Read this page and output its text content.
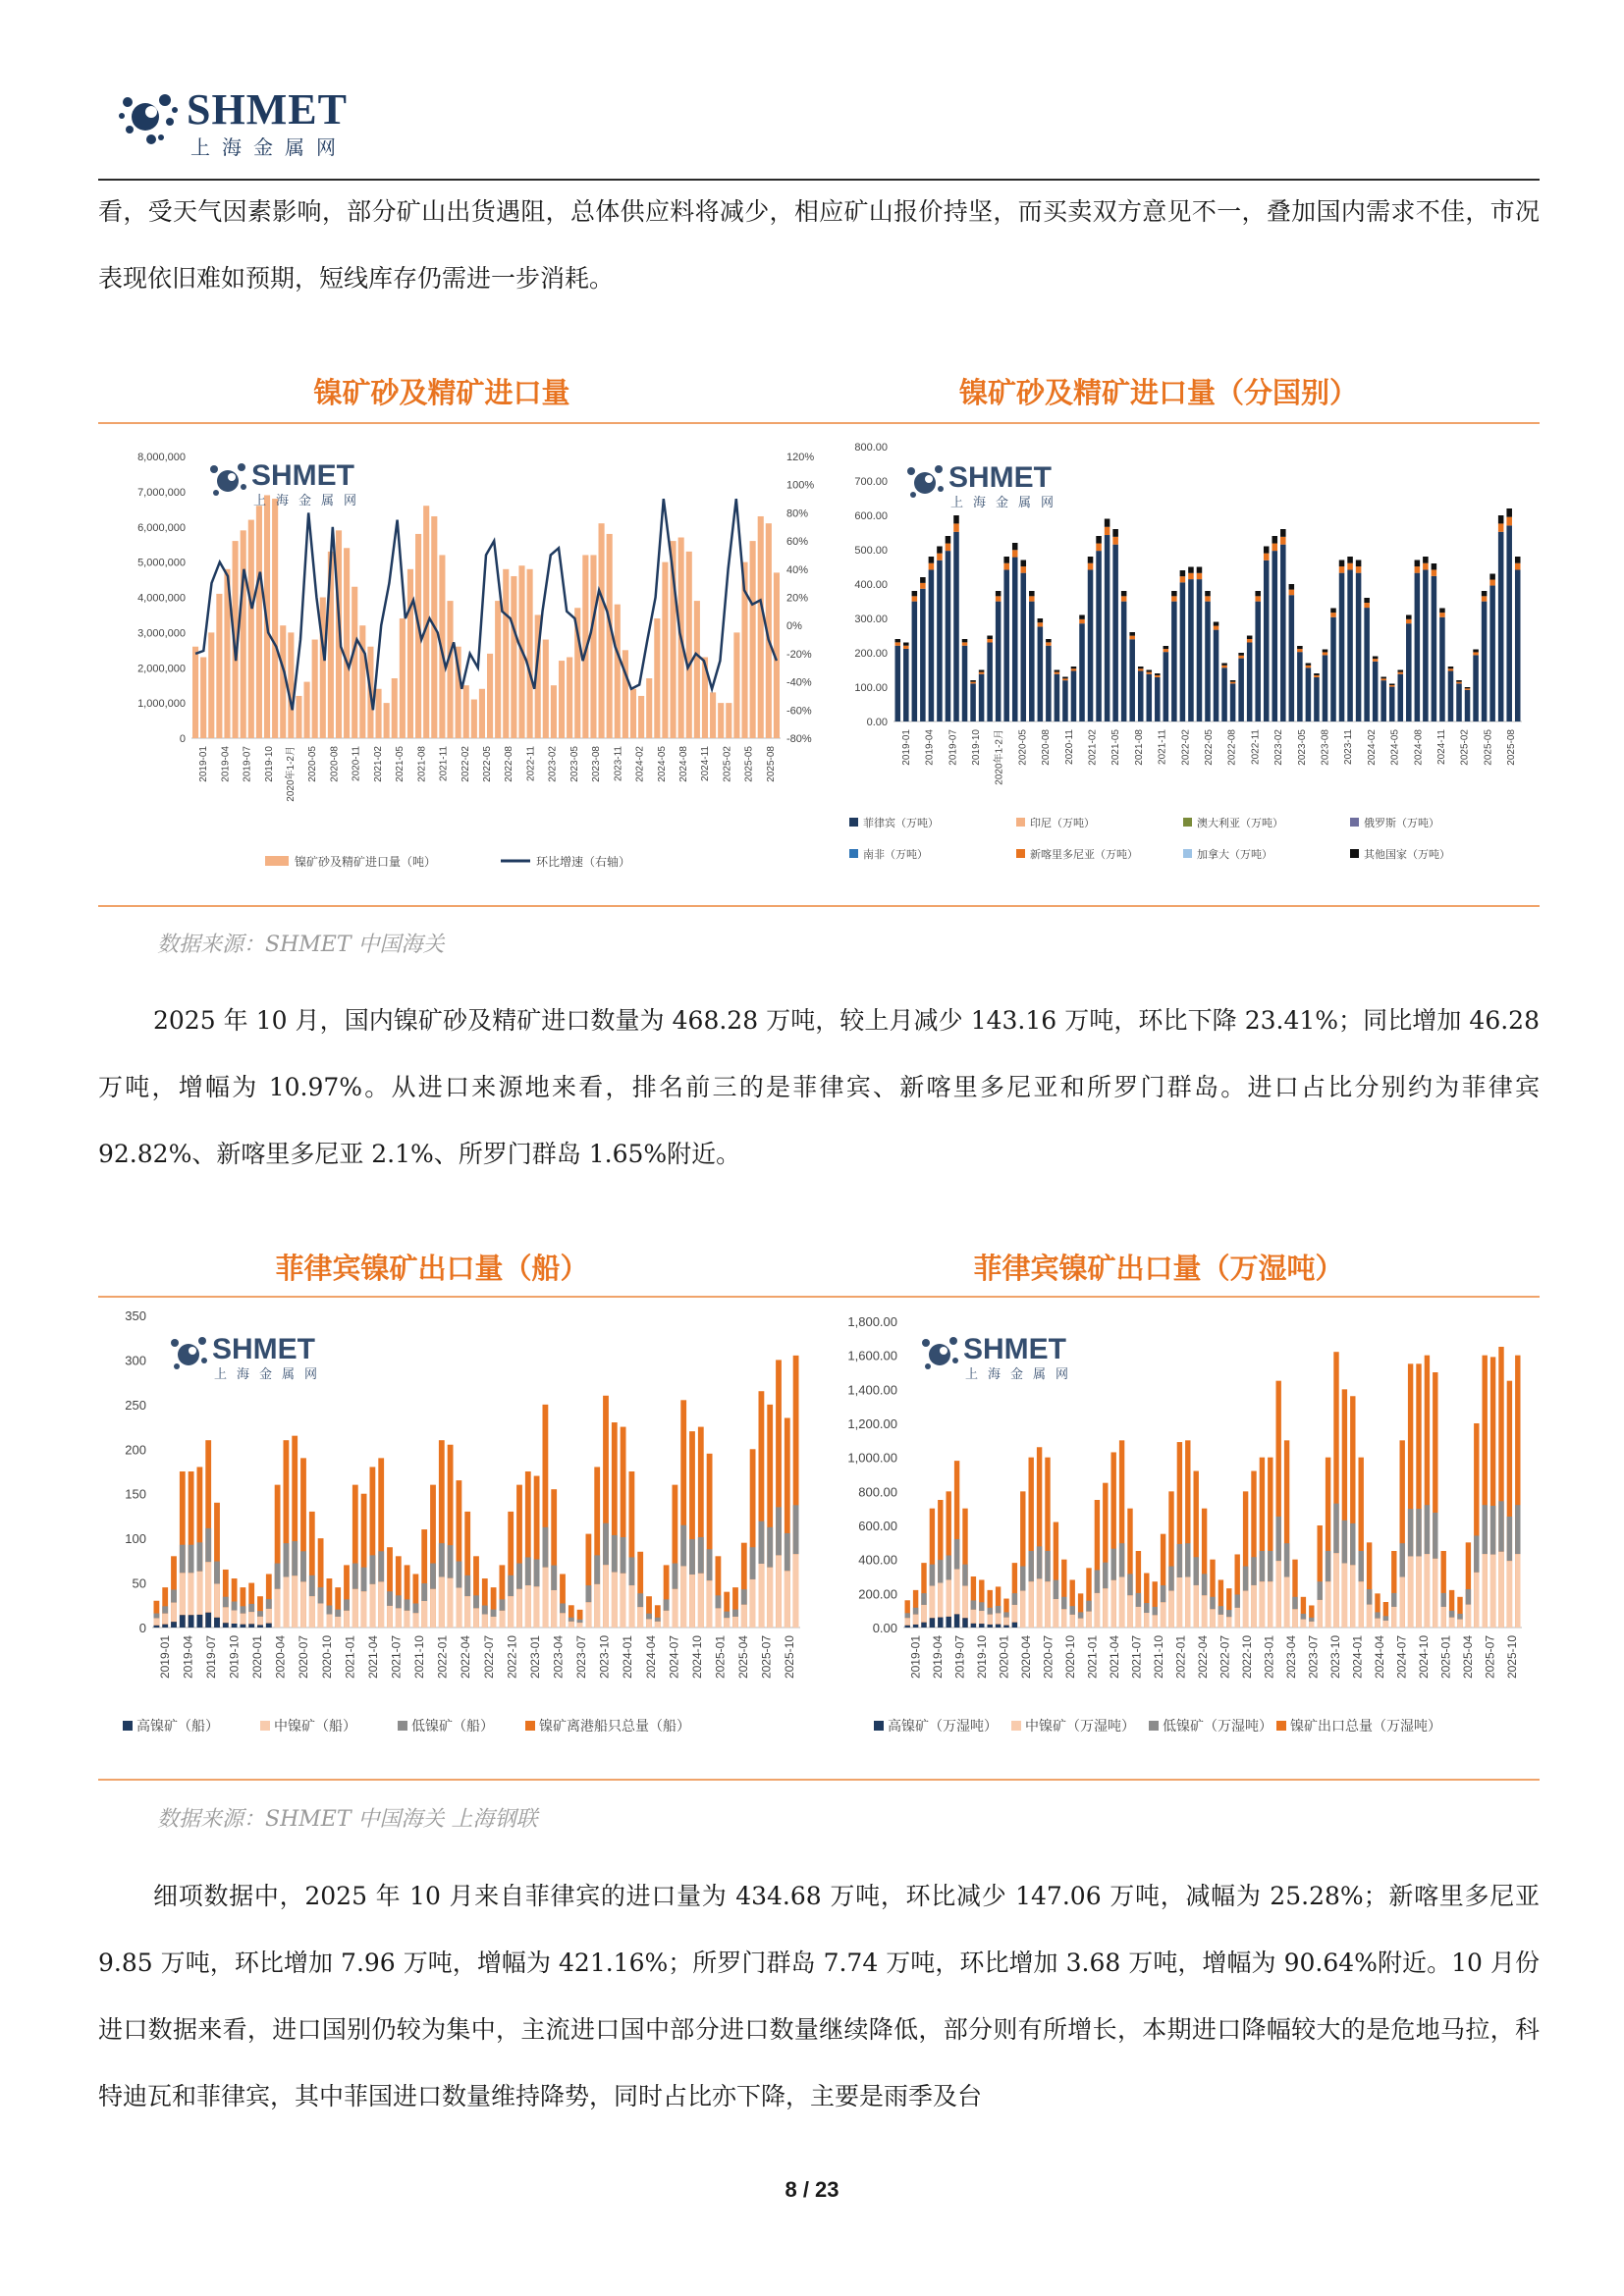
SHMET
上海金属网
看，受天气因素影响，部分矿山出货遇阻，总体供应料将减少，相应矿山报价持坚，而买卖双方意见不一，叠加国内需求不佳，市况表现依旧难如预期，短线库存仍需进一步消耗。
镍矿砂及精矿进口量	镍矿砂及精矿进口量（分国别）
8,000,000
7,000,000
6,000,000
5,000,000
4,000,000
3,000,000
2,000,000
1,000,000
0
120%
100%
80%
60%
40%
20%
0%
-20%
-40%
-60%
-80%
2019-01 2019-04 2019-07 2019-10 2020年1-2月 2020-05 2020-08 2020-11 2021-02 2021-05 2021-08 2021-11 2022-02 2022-05 2022-08 2022-11 2023-02 2023-05 2023-08 2023-11 2024-02 2024-05 2024-08 2024-11 2025-02 2025-05 2025-08
SHMET
上海金属网
镍矿砂及精矿进口量（吨）	环比增速（右轴）
800.00
700.00
600.00
500.00
400.00
300.00
200.00
100.00
0.00
2019-01 2019-04 2019-07 2019-10 2020年1-2月 2020-05 2020-08 2020-11 2021-02 2021-05 2021-08 2021-11 2022-02 2022-05 2022-08 2022-11 2023-02 2023-05 2023-08 2023-11 2024-02 2024-05 2024-08 2024-11 2025-02 2025-05 2025-08
SHMET
上海金属网
菲律宾（万吨）	印尼（万吨）	澳大利亚（万吨）	俄罗斯（万吨）
南非（万吨）	新喀里多尼亚（万吨）	加拿大（万吨）	其他国家（万吨）
数据来源：SHMET 中国海关
2025 年 10 月，国内镍矿砂及精矿进口数量为 468.28 万吨，较上月减少 143.16 万吨，环比下降 23.41%；同比增加 46.28 万吨，增幅为 10.97%。从进口来源地来看，排名前三的是菲律宾、新喀里多尼亚和所罗门群岛。进口占比分别约为菲律宾 92.82%、新喀里多尼亚 2.1%、所罗门群岛 1.65%附近。
菲律宾镍矿出口量（船）	菲律宾镍矿出口量（万湿吨）
350
300
250
200
150
100
50
0
2019-01 2019-04 2019-07 2019-10 2020-01 2020-04 2020-07 2020-10 2021-01 2021-04 2021-07 2021-10 2022-01 2022-04 2022-07 2022-10 2023-01 2023-04 2023-07 2023-10 2024-01 2024-04 2024-07 2024-10 2025-01 2025-04 2025-07 2025-10
SHMET
上海金属网
高镍矿（船）	中镍矿（船）	低镍矿（船）	镍矿离港船只总量（船）
1,800.00
1,600.00
1,400.00
1,200.00
1,000.00
800.00
600.00
400.00
200.00
0.00
2019-01 2019-04 2019-07 2019-10 2020-01 2020-04 2020-07 2020-10 2021-01 2021-04 2021-07 2021-10 2022-01 2022-04 2022-07 2022-10 2023-01 2023-04 2023-07 2023-10 2024-01 2024-04 2024-07 2024-10 2025-01 2025-04 2025-07 2025-10
SHMET
上海金属网
高镍矿（万湿吨） 中镍矿（万湿吨） 低镍矿（万湿吨） 镍矿出口总量（万湿吨）
数据来源：SHMET 中国海关 上海钢联
细项数据中，2025 年 10 月来自菲律宾的进口量为 434.68 万吨，环比减少 147.06 万吨，减幅为 25.28%；新喀里多尼亚 9.85 万吨，环比增加 7.96 万吨，增幅为 421.16%；所罗门群岛 7.74 万吨，环比增加 3.68 万吨，增幅为 90.64%附近。10 月份进口数据来看，进口国别仍较为集中，主流进口国中部分进口数量继续降低，部分则有所增长，本期进口降幅较大的是危地马拉，科特迪瓦和菲律宾，其中菲国进口数量维持降势，同时占比亦下降，主要是雨季及台
8 / 23
